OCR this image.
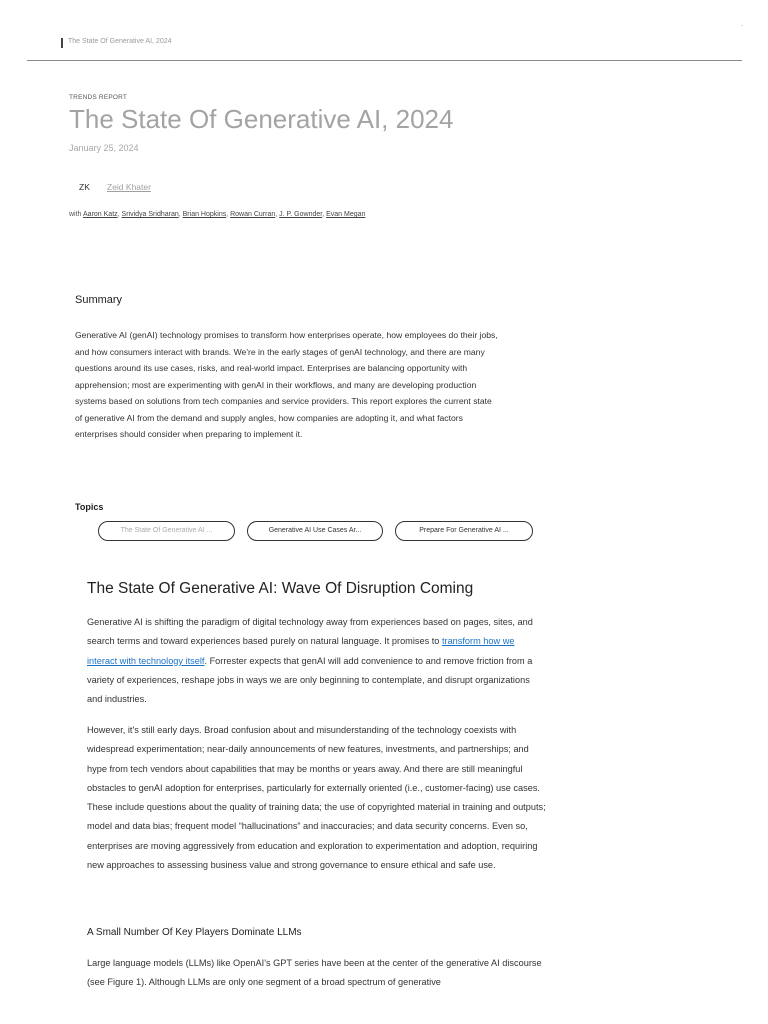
The State Of Generative AI, 2024
.
TRENDS REPORT
The State Of Generative AI, 2024
January 25, 2024
ZK Zeid Khater
with Aaron Katz, Srividya Sridharan, Brian Hopkins, Rowan Curran, J. P. Gownder, Evan Megan
Summary

Generative AI (genAI) technology promises to transform how enterprises operate, how employees do their jobs, and how consumers interact with brands. We're in the early stages of genAI technology, and there are many questions around its use cases, risks, and real-world impact. Enterprises are balancing opportunity with apprehension; most are experimenting with genAI in their workflows, and many are developing production systems based on solutions from tech companies and service providers. This report explores the current state of generative AI from the demand and supply angles, how companies are adopting it, and what factors enterprises should consider when preparing to implement it.

Topics
The State Of Generative AI ...	Generative AI Use Cases Ar...	Prepare For Generative AI ...
The State Of Generative AI: Wave Of Disruption Coming

Generative AI is shifting the paradigm of digital technology away from experiences based on pages, sites, and search terms and toward experiences based purely on natural language. It promises to transform how we interact with technology itself. Forrester expects that genAI will add convenience to and remove friction from a variety of experiences, reshape jobs in ways we are only beginning to contemplate, and disrupt organizations and industries.

However, it's still early days. Broad confusion about and misunderstanding of the technology coexists with widespread experimentation; near-daily announcements of new features, investments, and partnerships; and hype from tech vendors about capabilities that may be months or years away. And there are still meaningful obstacles to genAI adoption for enterprises, particularly for externally oriented (i.e., customer-facing) use cases. These include questions about the quality of training data; the use of copyrighted material in training and outputs; model and data bias; frequent model “hallucinations” and inaccuracies; and data security concerns. Even so, enterprises are moving aggressively from education and exploration to experimentation and adoption, requiring new approaches to assessing business value and strong governance to ensure ethical and safe use.

A Small Number Of Key Players Dominate LLMs

Large language models (LLMs) like OpenAI's GPT series have been at the center of the generative AI discourse (see Figure 1). Although LLMs are only one segment of a broad spectrum of generative
